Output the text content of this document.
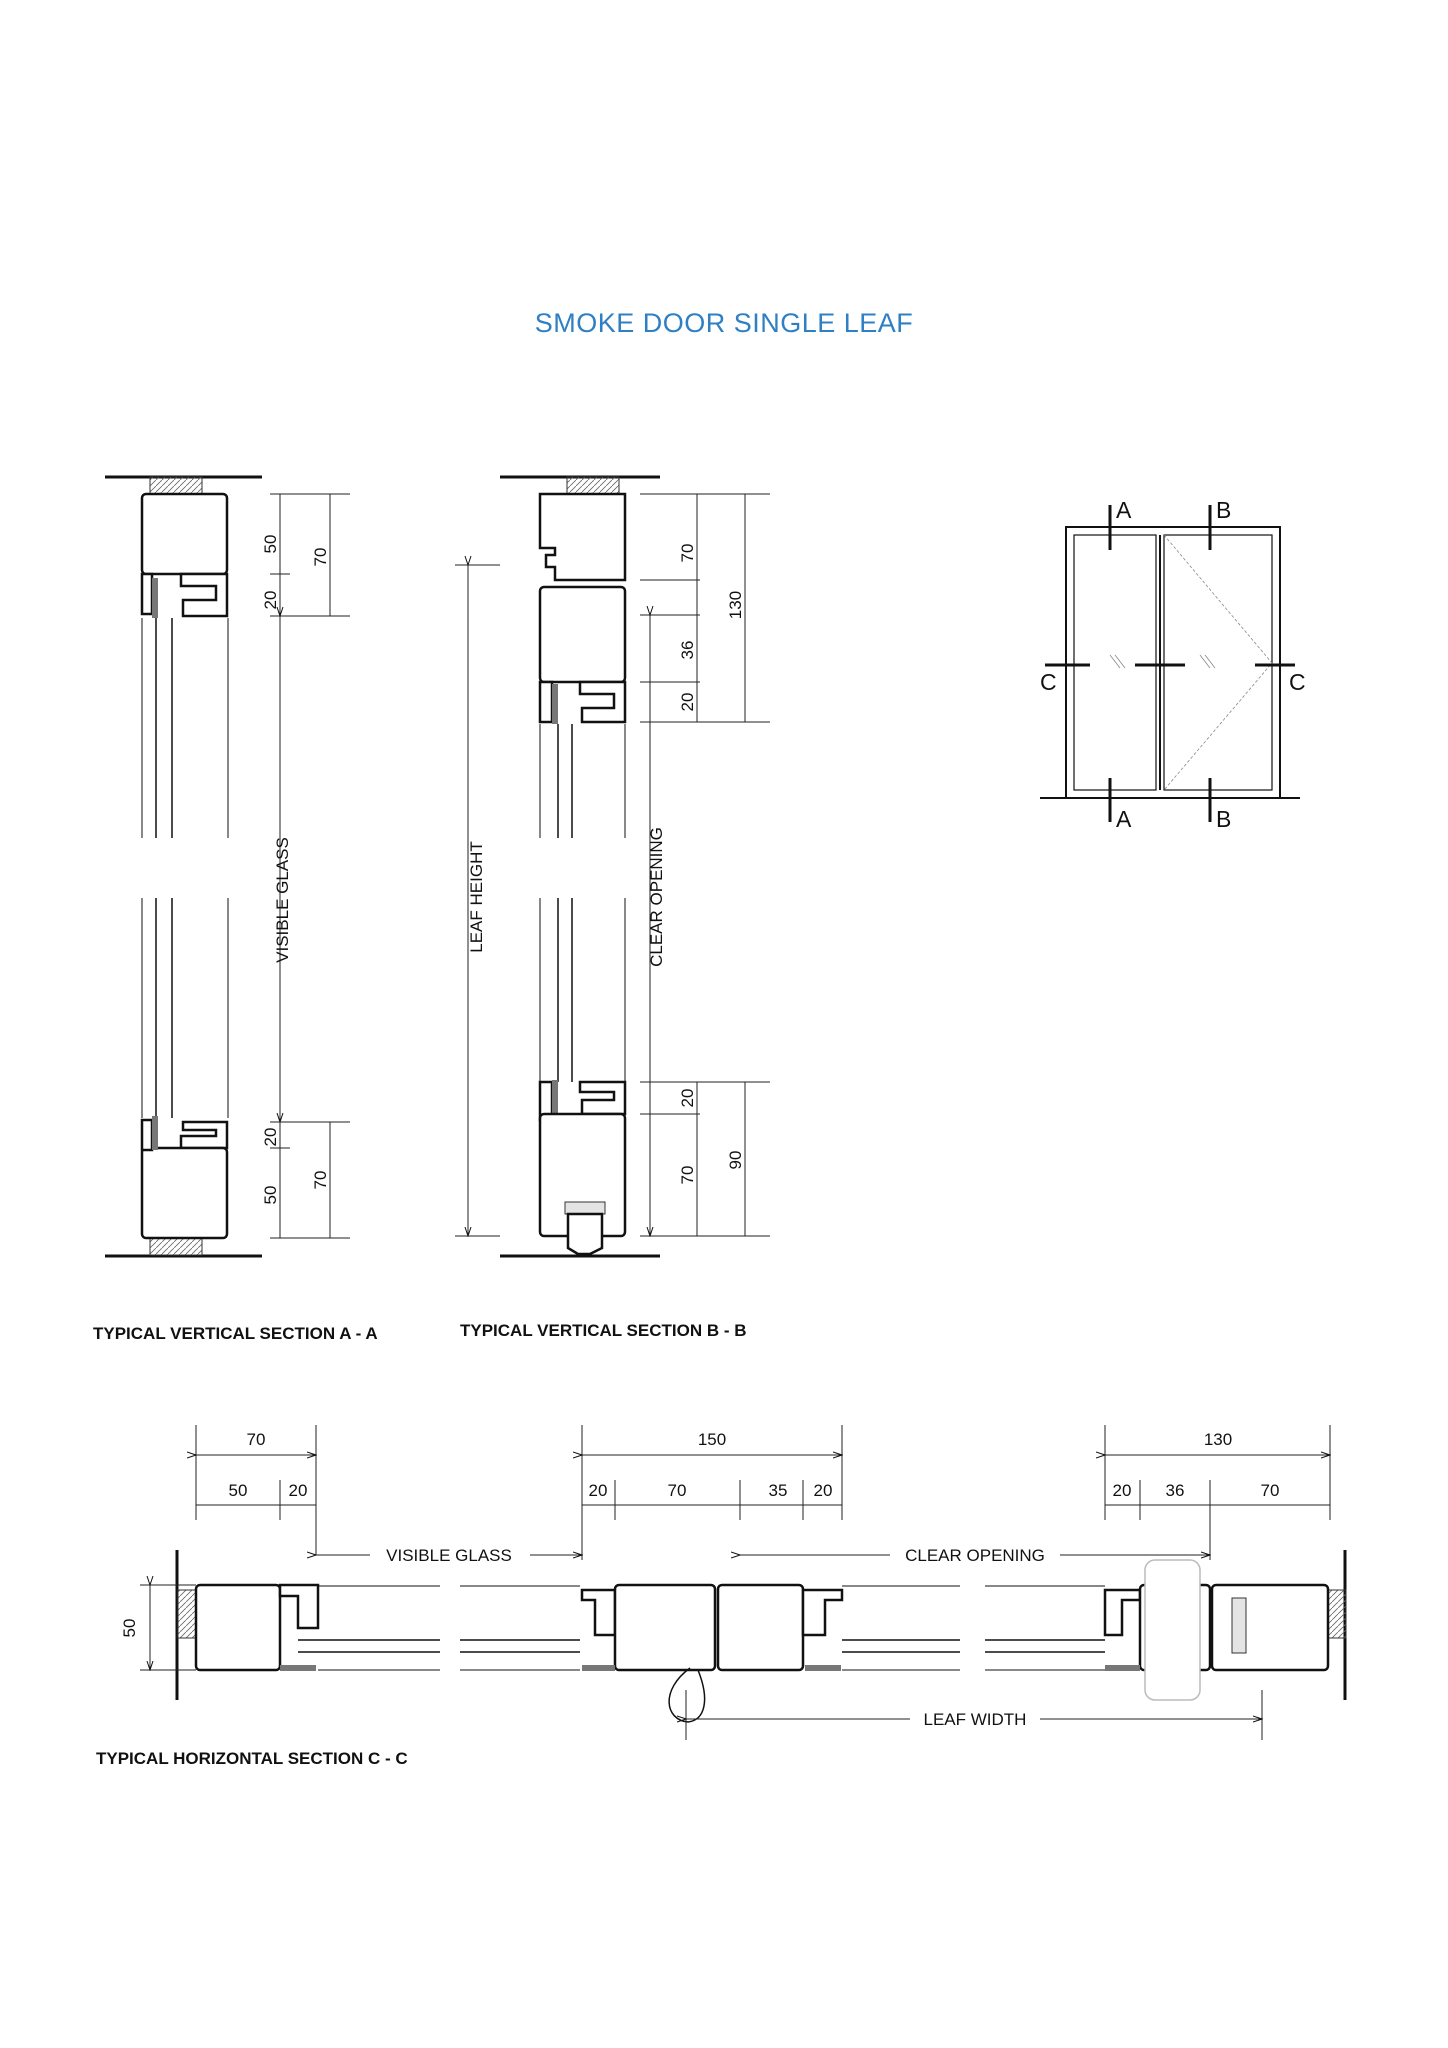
SMOKE DOOR SINGLE LEAF
50
20
70
VISIBLE GLASS
20
50
70
TYPICAL VERTICAL SECTION A - A
70
36
20
130
LEAF HEIGHT	CLEAR OPENING
20
70
90
TYPICAL VERTICAL SECTION B - B
A	B
C	C
A	B
70
50 20
150
20	70	35 20
130
20 36	70
VISIBLE GLASS	CLEAR OPENING
50
LEAF WIDTH
TYPICAL HORIZONTAL SECTION C - C
